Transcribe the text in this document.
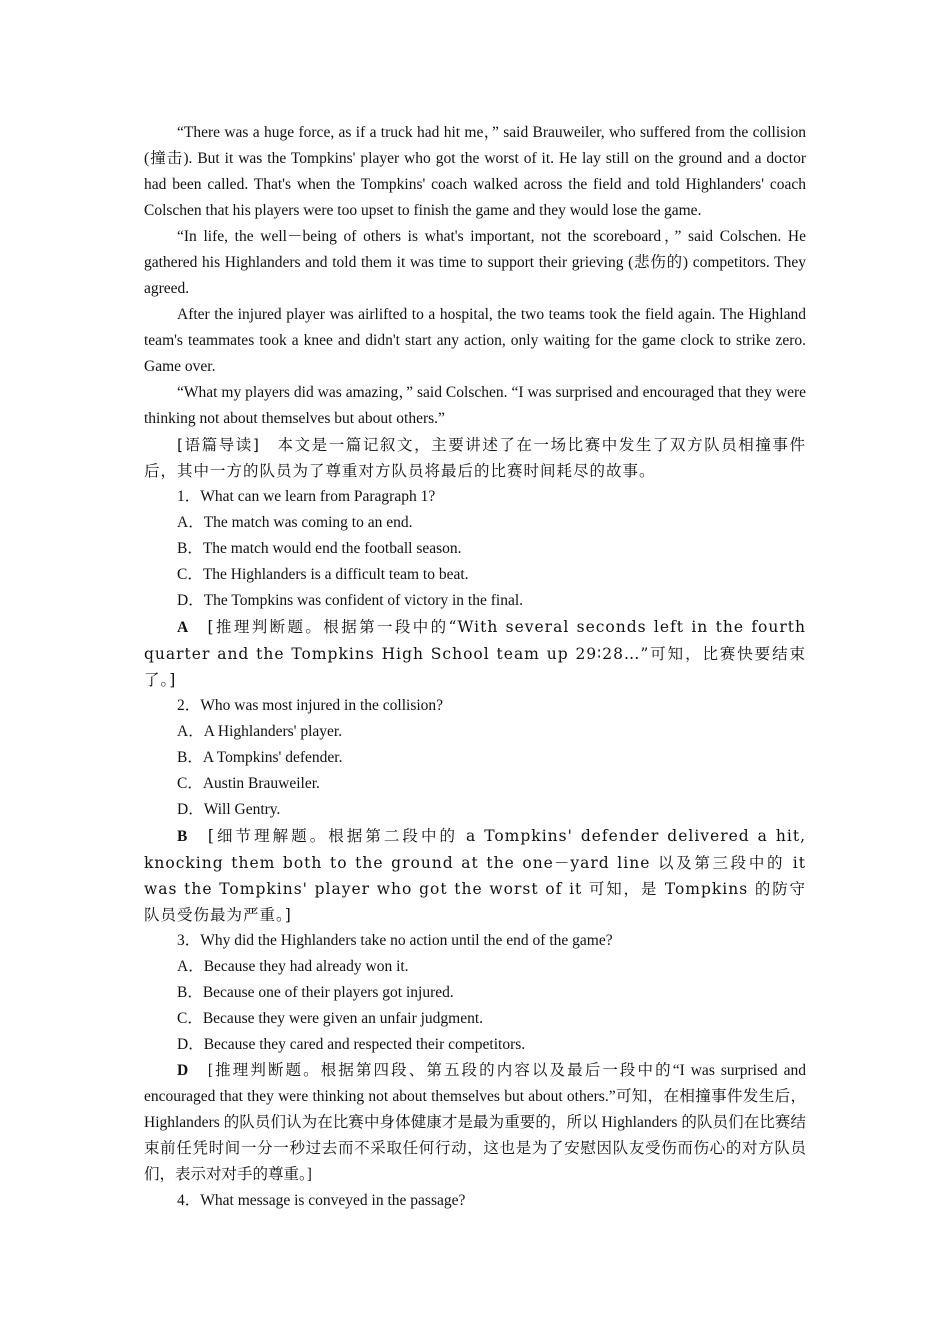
“There was a huge force, as if a truck had hit me，” said Brauweiler, who suffered from the collision (撞击). But it was the Tompkins' player who got the worst of it. He lay still on the ground and a doctor had been called. That's when the Tompkins' coach walked across the field and told Highlanders' coach Colschen that his players were too upset to finish the game and they would lose the game.

“In life, the well－being of others is what's important, not the scoreboard，” said Colschen. He gathered his Highlanders and told them it was time to support their grieving (悲伤的) competitors. They agreed.

After the injured player was airlifted to a hospital, the two teams took the field again. The Highland team's teammates took a knee and didn't start any action, only waiting for the game clock to strike zero. Game over.

“What my players did was amazing，” said Colschen. “I was surprised and encouraged that they were thinking not about themselves but about others.”

[语篇导读]　本文是一篇记叙文，主要讲述了在一场比赛中发生了双方队员相撞事件后，其中一方的队员为了尊重对方队员将最后的比赛时间耗尽的故事。

1．What can we learn from Paragraph 1?

A．The match was coming to an end.

B．The match would end the football season.

C．The Highlanders is a difficult team to beat.

D．The Tompkins was confident of victory in the final.

A　[推理判断题。根据第一段中的“With several seconds left in the fourth quarter and the Tompkins High School team up 29∶28…”可知，比赛快要结束了。]

2．Who was most injured in the collision?

A．A Highlanders' player.

B．A Tompkins' defender.

C．Austin Brauweiler.

D．Will Gentry.

B　[细节理解题。根据第二段中的 a Tompkins' defender delivered a hit, knocking them both to the ground at the one－yard line 以及第三段中的 it was the Tompkins' player who got the worst of it 可知，是 Tompkins 的防守队员受伤最为严重。]

3．Why did the Highlanders take no action until the end of the game?

A．Because they had already won it.

B．Because one of their players got injured.

C．Because they were given an unfair judgment.

D．Because they cared and respected their competitors.

D　[推理判断题。根据第四段、第五段的内容以及最后一段中的“I was surprised and encouraged that they were thinking not about themselves but about others.”可知，在相撞事件发生后，Highlanders 的队员们认为在比赛中身体健康才是最为重要的，所以 Highlanders 的队员们在比赛结束前任凭时间一分一秒过去而不采取任何行动，这也是为了安慰因队友受伤而伤心的对方队员们，表示对对手的尊重。]

4．What message is conveyed in the passage?
